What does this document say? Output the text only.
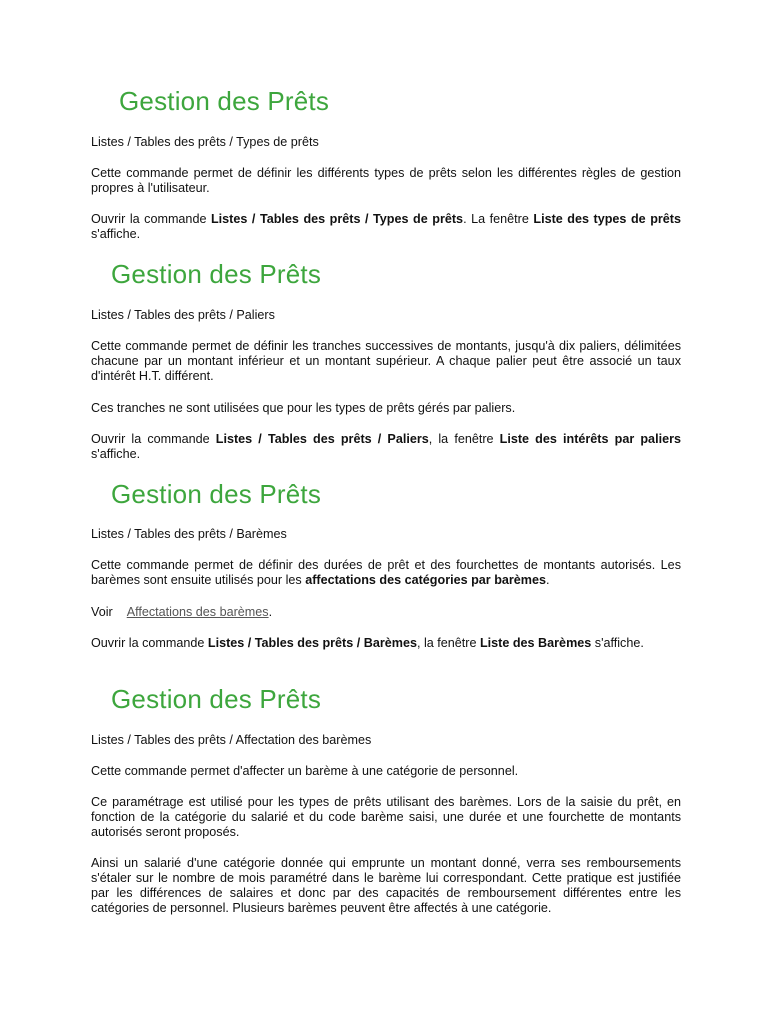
Gestion des Prêts
Listes / Tables des prêts / Types de prêts
Cette commande permet de définir les différents types de prêts selon les différentes règles de gestion propres à l'utilisateur.
Ouvrir la commande Listes / Tables des prêts / Types de prêts. La fenêtre Liste des types de prêts s'affiche.
Gestion des Prêts
Listes / Tables des prêts / Paliers
Cette commande permet de définir les tranches successives de montants, jusqu'à dix paliers, délimitées chacune par un montant inférieur et un montant supérieur. A chaque palier peut être associé un taux d'intérêt H.T. différent.
Ces tranches ne sont utilisées que pour les types de prêts gérés par paliers.
Ouvrir la commande Listes / Tables des prêts / Paliers, la fenêtre Liste des intérêts par paliers s'affiche.
Gestion des Prêts
Listes / Tables des prêts / Barèmes
Cette commande permet de définir des durées de prêt et des fourchettes de montants autorisés. Les barèmes sont ensuite utilisés pour les affectations des catégories par barèmes.
Voir Affectations des barèmes.
Ouvrir la commande Listes / Tables des prêts / Barèmes, la fenêtre Liste des Barèmes s'affiche.
Gestion des Prêts
Listes / Tables des prêts / Affectation des barèmes
Cette commande permet d'affecter un barème à une catégorie de personnel.
Ce paramétrage est utilisé pour les types de prêts utilisant des barèmes. Lors de la saisie du prêt, en fonction de la catégorie du salarié et du code barème saisi, une durée et une fourchette de montants autorisés seront proposés.
Ainsi un salarié d'une catégorie donnée qui emprunte un montant donné, verra ses remboursements s'étaler sur le nombre de mois paramétré dans le barème lui correspondant. Cette pratique est justifiée par les différences de salaires et donc par des capacités de remboursement différentes entre les catégories de personnel. Plusieurs barèmes peuvent être affectés à une catégorie.
